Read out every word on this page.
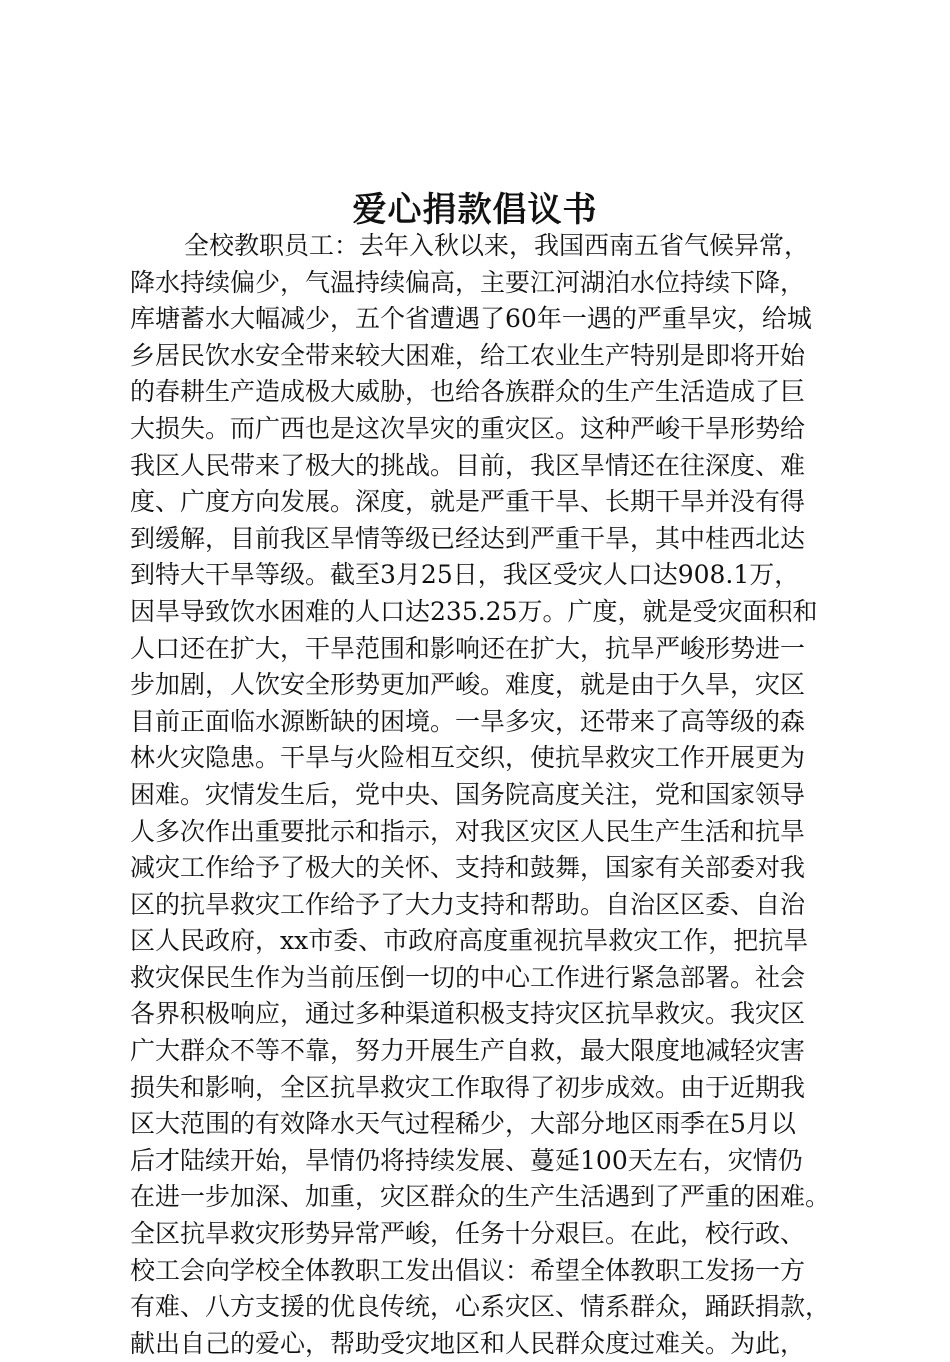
爱心捐款倡议书
全校教职员工：去年入秋以来，我国西南五省气候异常，
降水持续偏少，气温持续偏高，主要江河湖泊水位持续下降，
库塘蓄水大幅减少，五个省遭遇了60年一遇的严重旱灾，给城
乡居民饮水安全带来较大困难，给工农业生产特别是即将开始
的春耕生产造成极大威胁，也给各族群众的生产生活造成了巨
大损失。而广西也是这次旱灾的重灾区。这种严峻干旱形势给
我区人民带来了极大的挑战。目前，我区旱情还在往深度、难
度、广度方向发展。深度，就是严重干旱、长期干旱并没有得
到缓解，目前我区旱情等级已经达到严重干旱，其中桂西北达
到特大干旱等级。截至3月25日，我区受灾人口达908.1万，
因旱导致饮水困难的人口达235.25万。广度，就是受灾面积和
人口还在扩大，干旱范围和影响还在扩大，抗旱严峻形势进一
步加剧，人饮安全形势更加严峻。难度，就是由于久旱，灾区
目前正面临水源断缺的困境。一旱多灾，还带来了高等级的森
林火灾隐患。干旱与火险相互交织，使抗旱救灾工作开展更为
困难。灾情发生后，党中央、国务院高度关注，党和国家领导
人多次作出重要批示和指示，对我区灾区人民生产生活和抗旱
减灾工作给予了极大的关怀、支持和鼓舞，国家有关部委对我
区的抗旱救灾工作给予了大力支持和帮助。自治区区委、自治
区人民政府，xx市委、市政府高度重视抗旱救灾工作，把抗旱
救灾保民生作为当前压倒一切的中心工作进行紧急部署。社会
各界积极响应，通过多种渠道积极支持灾区抗旱救灾。我灾区
广大群众不等不靠，努力开展生产自救，最大限度地减轻灾害
损失和影响，全区抗旱救灾工作取得了初步成效。由于近期我
区大范围的有效降水天气过程稀少，大部分地区雨季在5月以
后才陆续开始，旱情仍将持续发展、蔓延100天左右，灾情仍
在进一步加深、加重，灾区群众的生产生活遇到了严重的困难。
全区抗旱救灾形势异常严峻，任务十分艰巨。在此，校行政、
校工会向学校全体教职工发出倡议：希望全体教职工发扬一方
有难、八方支援的优良传统，心系灾区、情系群众，踊跃捐款，
献出自己的爱心，帮助受灾地区和人民群众度过难关。为此，
